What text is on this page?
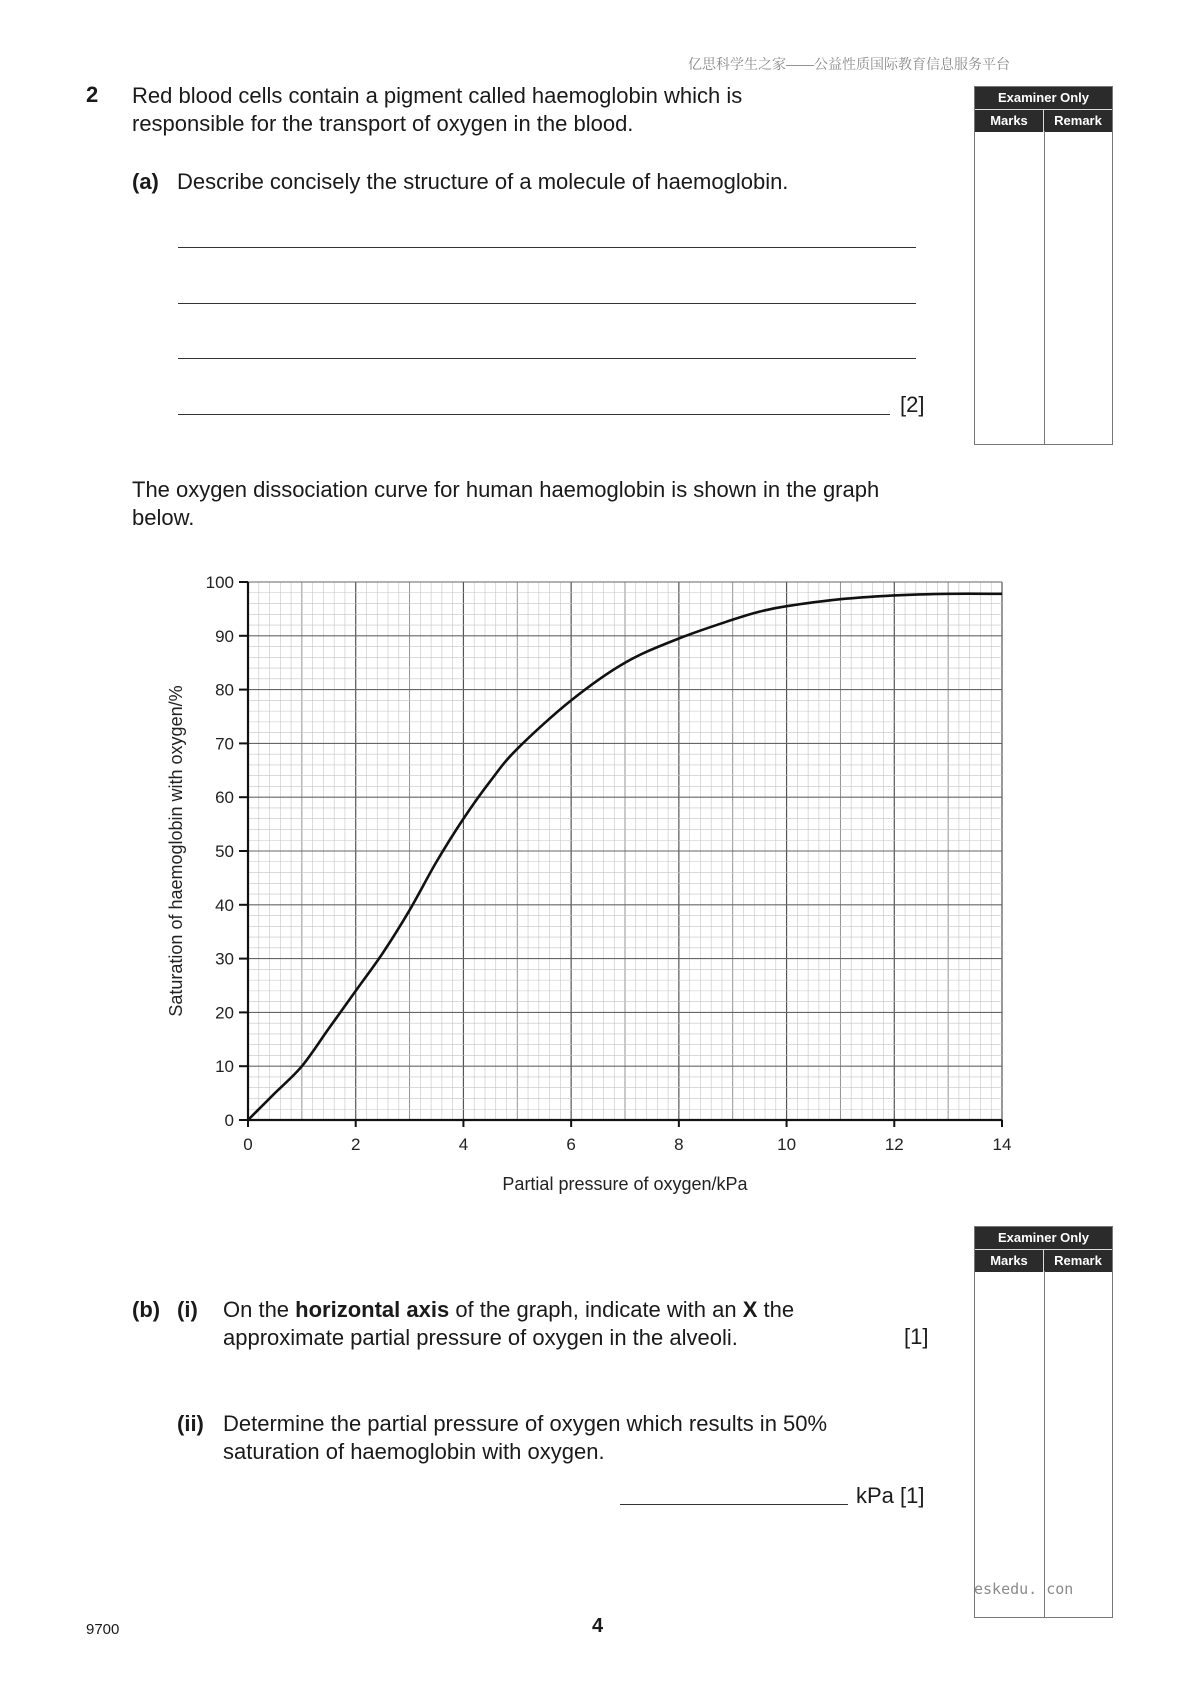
亿思科学生之家——公益性质国际教育信息服务平台
2 Red blood cells contain a pigment called haemoglobin which is responsible for the transport of oxygen in the blood.
Examiner Only
Marks	Remark
(a) Describe concisely the structure of a molecule of haemoglobin.
[2]
The oxygen dissociation curve for human haemoglobin is shown in the graph below.
0	2	4	6	8	10	12	14
0
10
20
30
40
50
60
70
80
90
100
Partial pressure of oxygen/kPa
Saturation of haemoglobin with oxygen/%
Examiner Only
Marks	Remark
(b) (i) On the horizontal axis of the graph, indicate with an X the approximate partial pressure of oxygen in the alveoli.	[1]
(ii) Determine the partial pressure of oxygen which results in 50% saturation of haemoglobin with oxygen.
kPa [1]
9700	4
eskedu. con
